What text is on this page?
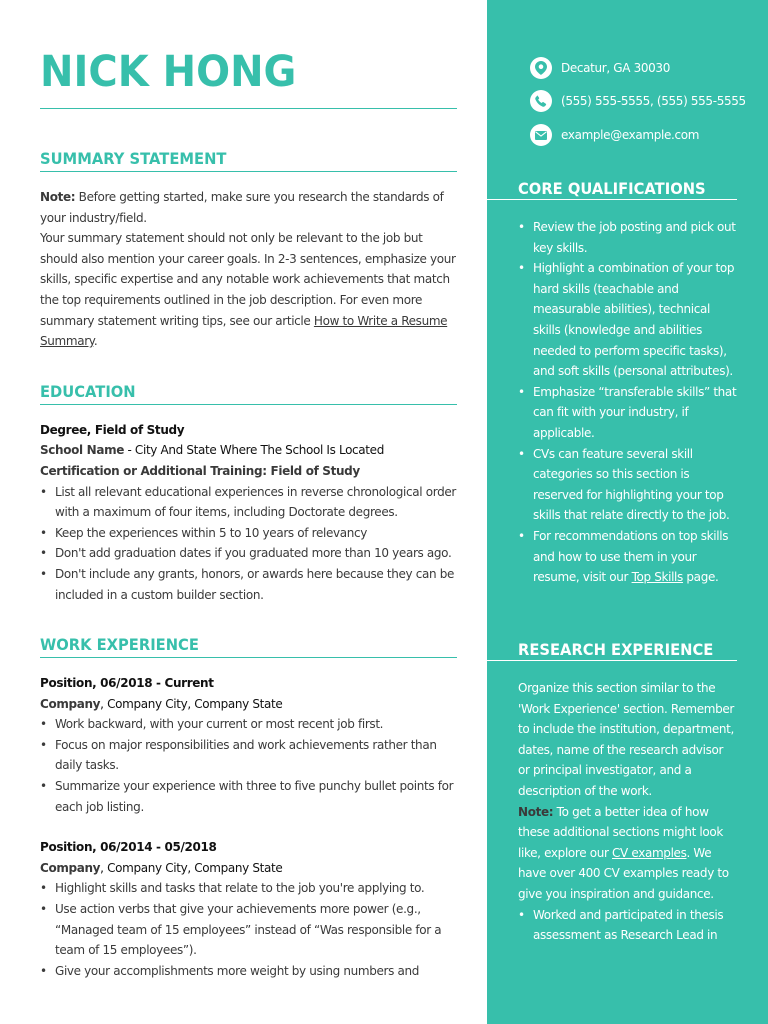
NICK HONG
SUMMARY STATEMENT
Note: Before getting started, make sure you research the standards of your industry/field.
Your summary statement should not only be relevant to the job but should also mention your career goals. In 2-3 sentences, emphasize your skills, specific expertise and any notable work achievements that match the top requirements outlined in the job description. For even more summary statement writing tips, see our article How to Write a Resume Summary.
EDUCATION
Degree, Field of Study
School Name - City And State Where The School Is Located
Certification or Additional Training: Field of Study
• List all relevant educational experiences in reverse chronological order with a maximum of four items, including Doctorate degrees.
• Keep the experiences within 5 to 10 years of relevancy
• Don't add graduation dates if you graduated more than 10 years ago.
• Don't include any grants, honors, or awards here because they can be included in a custom builder section.
WORK EXPERIENCE
Position, 06/2018 - Current
Company, Company City, Company State
• Work backward, with your current or most recent job first.
• Focus on major responsibilities and work achievements rather than daily tasks.
• Summarize your experience with three to five punchy bullet points for each job listing.
Position, 06/2014 - 05/2018
Company, Company City, Company State
• Highlight skills and tasks that relate to the job you're applying to.
• Use action verbs that give your achievements more power (e.g., “Managed team of 15 employees” instead of “Was responsible for a team of 15 employees”).
• Give your accomplishments more weight by using numbers and
Decatur, GA 30030
(555) 555-5555, (555) 555-5555
example@example.com
CORE QUALIFICATIONS
• Review the job posting and pick out key skills.
• Highlight a combination of your top hard skills (teachable and measurable abilities), technical skills (knowledge and abilities needed to perform specific tasks), and soft skills (personal attributes).
• Emphasize “transferable skills” that can fit with your industry, if applicable.
• CVs can feature several skill categories so this section is reserved for highlighting your top skills that relate directly to the job.
• For recommendations on top skills and how to use them in your resume, visit our Top Skills page.
RESEARCH EXPERIENCE
Organize this section similar to the 'Work Experience' section. Remember to include the institution, department, dates, name of the research advisor or principal investigator, and a description of the work.
Note: To get a better idea of how these additional sections might look like, explore our CV examples. We have over 400 CV examples ready to give you inspiration and guidance.
• Worked and participated in thesis assessment as Research Lead in
